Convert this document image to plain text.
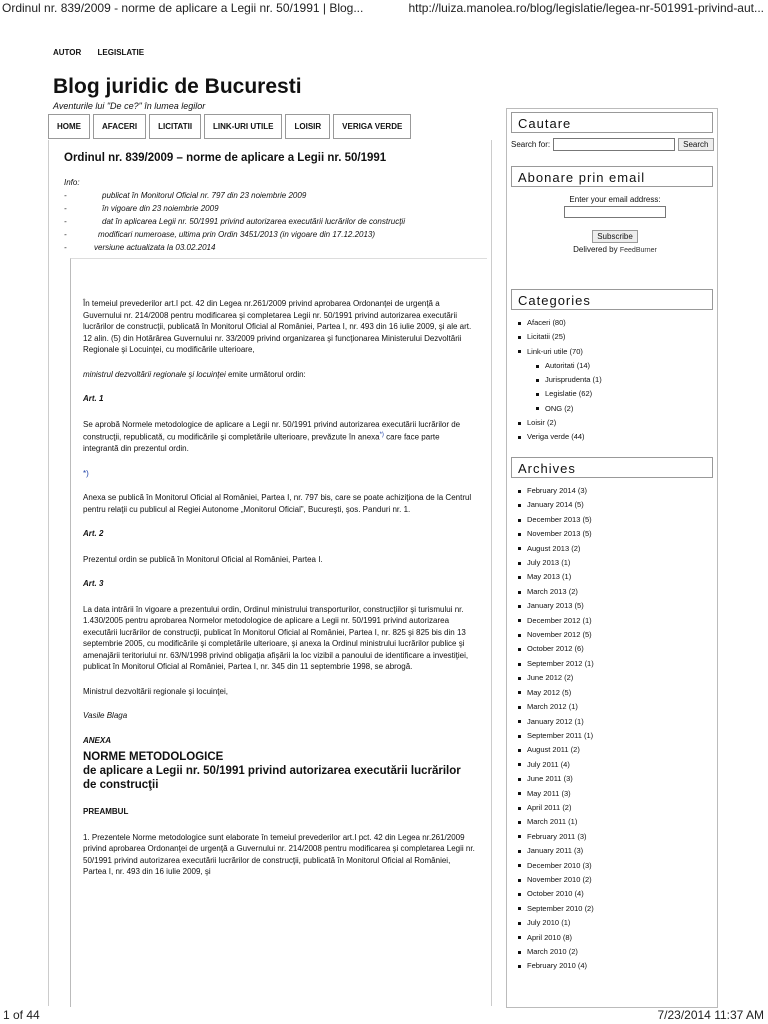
Ordinul nr. 839/2009 - norme de aplicare a Legii nr. 50/1991 | Blog...	http://luiza.manolea.ro/blog/legislatie/legea-nr-501991-privind-aut...
1 of 44	7/23/2014 11:37 AM
AUTOR LEGISLATIE
Blog juridic de Bucuresti
Aventurile lui "De ce?" în lumea legilor
HOME	AFACERI	LICITATII	LINK-URI UTILE	LOISIR	VERIGA VERDE
Ordinul nr. 839/2009 – norme de aplicare a Legii nr. 50/1991
Info:
-	publicat în Monitorul Oficial nr. 797 din 23 noiembrie 2009
-	în vigoare din 23 noiembrie 2009
-	dat în aplicarea Legii nr. 50/1991 privind autorizarea executării lucrărilor de construcţii
-	modificari numeroase, ultima prin Ordin 3451/2013 (in vigoare din 17.12.2013)
-	versiune actualizata la 03.02.2014

În temeiul prevederilor art.I pct. 42 din Legea nr.261/2009 privind aprobarea Ordonanţei de urgenţă a Guvernului nr. 214/2008 pentru modificarea şi completarea Legii nr. 50/1991 privind autorizarea executării lucrărilor de construcţii, publicată în Monitorul Oficial al României, Partea I, nr. 493 din 16 iulie 2009, şi ale art. 12 alin. (5) din Hotărârea Guvernului nr. 33/2009 privind organizarea şi funcţionarea Ministerului Dezvoltării Regionale şi Locuinţei, cu modificările ulterioare,

ministrul dezvoltării regionale şi locuinţei emite următorul ordin:

Art. 1

Se aprobă Normele metodologice de aplicare a Legii nr. 50/1991 privind autorizarea executării lucrărilor de construcţii, republicată, cu modificările şi completările ulterioare, prevăzute în anexa*) care face parte integrantă din prezentul ordin.

*)

Anexa se publică în Monitorul Oficial al României, Partea I, nr. 797 bis, care se poate achiziţiona de la Centrul pentru relaţii cu publicul al Regiei Autonome „Monitorul Oficial”, Bucureşti, şos. Panduri nr. 1.

Art. 2

Prezentul ordin se publică în Monitorul Oficial al României, Partea I.

Art. 3

La data intrării în vigoare a prezentului ordin, Ordinul ministrului transporturilor, construcţiilor şi turismului nr. 1.430/2005 pentru aprobarea Normelor metodologice de aplicare a Legii nr. 50/1991 privind autorizarea executării lucrărilor de construcţii, publicat în Monitorul Oficial al României, Partea I, nr. 825 şi 825 bis din 13 septembrie 2005, cu modificările şi completările ulterioare, şi anexa la Ordinul ministrului lucrărilor publice şi amenajării teritoriului nr. 63/N/1998 privind obligaţia afişării la loc vizibil a panoului de identificare a investiţiei, publicat în Monitorul Oficial al României, Partea I, nr. 345 din 11 septembrie 1998, se abrogă.

Ministrul dezvoltării regionale şi locuinţei,

Vasile Blaga

ANEXA
NORME METODOLOGICE
de aplicare a Legii nr. 50/1991 privind autorizarea executării lucrărilor de construcţii
PREAMBUL

1. Prezentele Norme metodologice sunt elaborate în temeiul prevederilor art.I pct. 42 din Legea nr.261/2009 privind aprobarea Ordonanţei de urgenţă a Guvernului nr. 214/2008 pentru modificarea şi completarea Legii nr. 50/1991 privind autorizarea executării lucrărilor de construcţii, publicată în Monitorul Oficial al României, Partea I, nr. 493 din 16 iulie 2009, şi

Cautare
Search for:	Search
Abonare prin email
Enter your email address:
Subscribe
Delivered by FeedBurner
Categories
Afaceri
(80)
Licitatii
(25)
Link-uri utile
(70)
Autoritati
(14)
Jurisprudenta
(1)
Legislatie
(62)
ONG
(2)
Loisir
(2)
Veriga verde
(44)
Archives
February 2014
(3)
January 2014
(5)
December 2013
(5)
November 2013
(5)
August 2013
(2)
July 2013
(1)
May 2013
(1)
March 2013
(2)
January 2013
(5)
December 2012
(1)
November 2012
(5)
October 2012
(6)
September 2012
(1)
June 2012
(2)
May 2012
(5)
March 2012
(1)
January 2012
(1)
September 2011
(1)
August 2011
(2)
July 2011
(4)
June 2011
(3)
May 2011
(3)
April 2011
(2)
March 2011
(1)
February 2011
(3)
January 2011
(3)
December 2010
(3)
November 2010
(2)
October 2010
(4)
September 2010
(2)
July 2010
(1)
April 2010
(8)
March 2010
(2)
February 2010
(4)
